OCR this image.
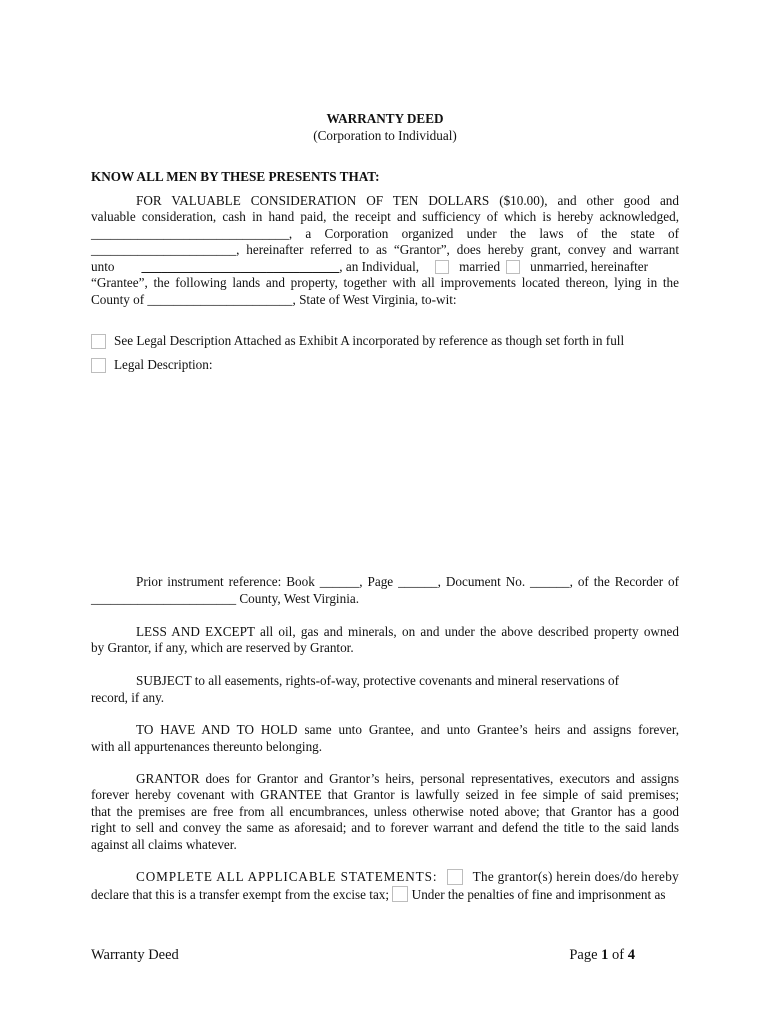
WARRANTY DEED
(Corporation to Individual)
KNOW ALL MEN BY THESE PRESENTS THAT:
FOR VALUABLE CONSIDERATION OF TEN DOLLARS ($10.00), and other good and
valuable consideration, cash in hand paid, the receipt and sufficiency of which is hereby acknowledged,
______________________________ , a Corporation organized under the laws of the state of
______________________ , hereinafter referred to as “Grantor”, does hereby grant, convey and warrant
unto ______________________________, an Individual,	married unmarried, hereinafter
“Grantee”, the following lands and property, together with all improvements located thereon, lying in the
County of ______________________, State of West Virginia, to-wit:
See Legal Description Attached as Exhibit A incorporated by reference as though set forth in full
Legal Description:
Prior instrument reference: Book ______, Page ______, Document No. ______, of the Recorder of
______________________ County, West Virginia.
LESS AND EXCEPT all oil, gas and minerals, on and under the above described property owned
by Grantor, if any, which are reserved by Grantor.
SUBJECT to all easements, rights-of-way, protective covenants and mineral reservations of
record, if any.
TO HAVE AND TO HOLD same unto Grantee, and unto Grantee’s heirs and assigns forever,
with all appurtenances thereunto belonging.
GRANTOR does for Grantor and Grantor’s heirs, personal representatives, executors and assigns
forever hereby covenant with GRANTEE that Grantor is lawfully seized in fee simple of said premises;
that the premises are free from all encumbrances, unless otherwise noted above; that Grantor has a good
right to sell and convey the same as aforesaid; and to forever warrant and defend the title to the said lands
against all claims whatever.
COMPLETE ALL APPLICABLE STATEMENTS:	The grantor(s) herein does/do hereby
declare that this is a transfer exempt from the excise tax; Under the penalties of fine and imprisonment as
Warranty Deed	Page 1 of 4
